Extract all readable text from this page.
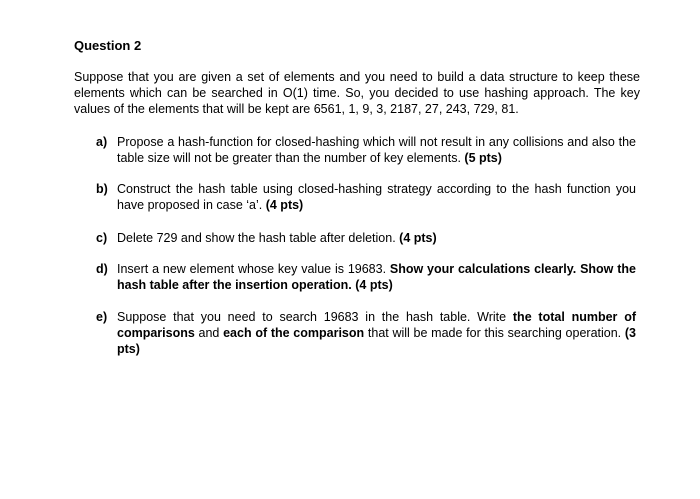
Question 2

Suppose that you are given a set of elements and you need to build a data structure to keep these elements which can be searched in O(1) time. So, you decided to use hashing approach. The key values of the elements that will be kept are 6561, 1, 9, 3, 2187, 27, 243, 729, 81.

a) Propose a hash-function for closed-hashing which will not result in any collisions and also the table size will not be greater than the number of key elements. (5 pts)
b) Construct the hash table using closed-hashing strategy according to the hash function you have proposed in case ‘a’. (4 pts)
c) Delete 729 and show the hash table after deletion. (4 pts)
d) Insert a new element whose key value is 19683. Show your calculations clearly. Show the hash table after the insertion operation. (4 pts)
e) Suppose that you need to search 19683 in the hash table. Write the total number of comparisons and each of the comparison that will be made for this searching operation. (3 pts)
